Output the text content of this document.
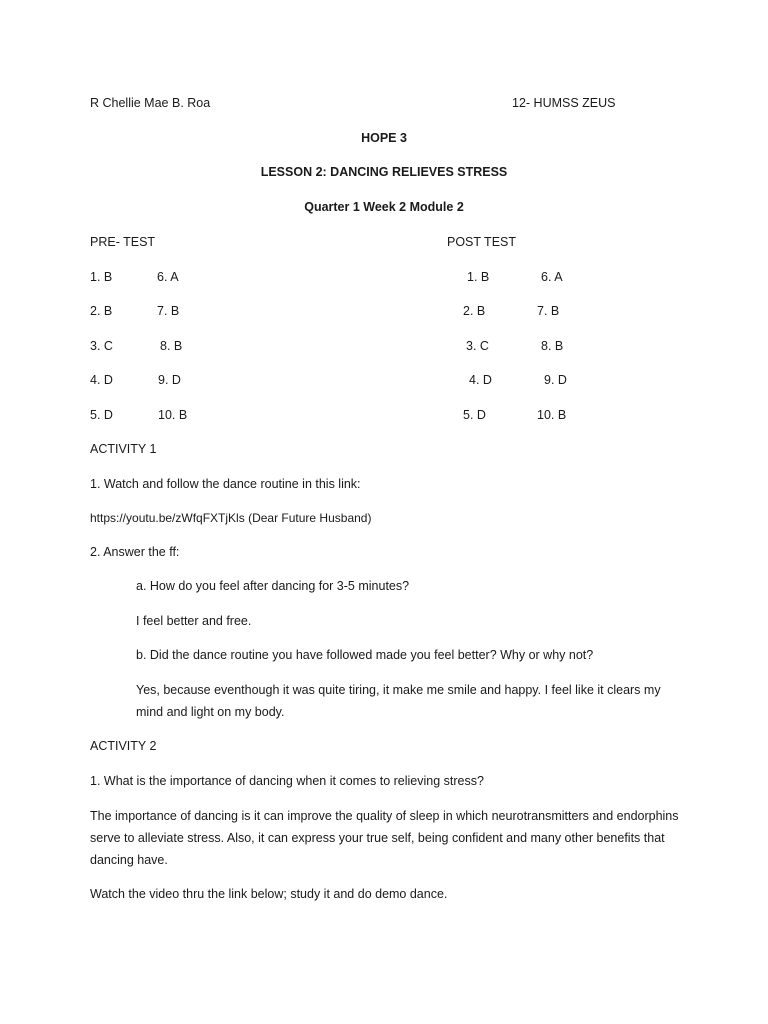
R Chellie Mae B. Roa	12- HUMSS ZEUS
HOPE 3
LESSON 2: DANCING RELIEVES STRESS
Quarter 1 Week 2 Module 2
PRE- TEST	POST TEST
1. B	6. A
2. B	7. B
3. C	8. B
4. D	9. D
5. D	10. B
1. B	6. A
2. B	7. B
3. C	8. B
4. D	9. D
5. D	10. B
ACTIVITY 1
1. Watch and follow the dance routine in this link:
https://youtu.be/zWfqFXTjKls (Dear Future Husband)
2. Answer the ff:
a. How do you feel after dancing for 3-5 minutes?
I feel better and free.
b. Did the dance routine you have followed made you feel better? Why or why not?
Yes, because eventhough it was quite tiring, it make me smile and happy. I feel like it clears my mind and light on my body.
ACTIVITY 2
1. What is the importance of dancing when it comes to relieving stress?
The importance of dancing is it can improve the quality of sleep in which neurotransmitters and endorphins serve to alleviate stress. Also, it can express your true self, being confident and many other benefits that dancing have.
Watch the video thru the link below; study it and do demo dance.
